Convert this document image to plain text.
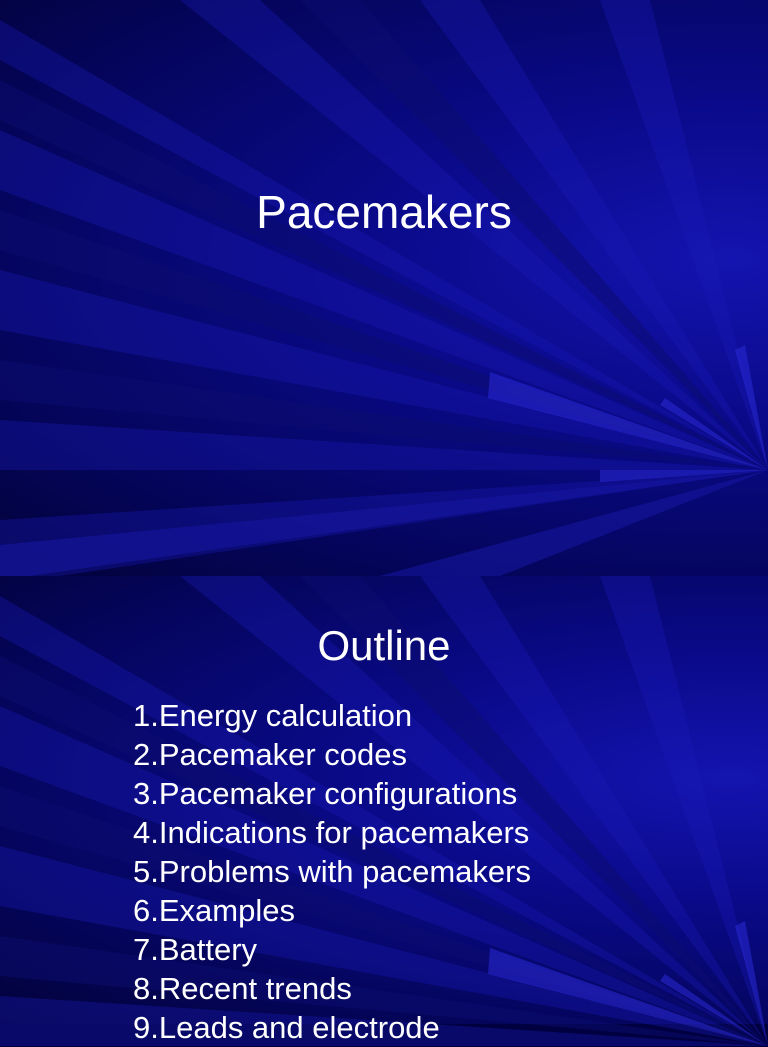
Pacemakers
Outline
1.Energy calculation
2.Pacemaker codes
3.Pacemaker configurations
4.Indications for pacemakers
5.Problems with pacemakers
6.Examples
7.Battery
8.Recent trends
9.Leads and electrode
